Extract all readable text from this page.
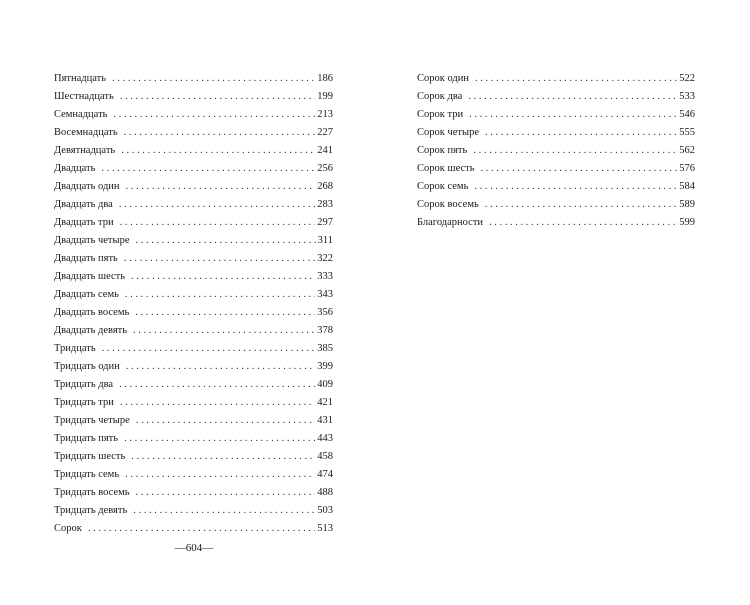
Пятнадцать . . .	186
Шестнадцать . . .	199
Семнадцать . . .	213
Восемнадцать . . .	227
Девятнадцать . . .	241
Двадцать . . .	256
Двадцать один . . .	268
Двадцать два . . .	283
Двадцать три . . .	297
Двадцать четыре . . .	311
Двадцать пять . . .	322
Двадцать шесть . . .	333
Двадцать семь . . .	343
Двадцать восемь . . .	356
Двадцать девять . . .	378
Тридцать . . .	385
Тридцать один . . .	399
Тридцать два . . .	409
Тридцать три . . .	421
Тридцать четыре . . .	431
Тридцать пять . . .	443
Тридцать шесть . . .	458
Тридцать семь . . .	474
Тридцать восемь . . .	488
Тридцать девять . . .	503
Сорок . . .	513
Сорок один . . .	522
Сорок два . . .	533
Сорок три . . .	546
Сорок четыре . . .	555
Сорок пять . . .	562
Сорок шесть . . .	576
Сорок семь . . .	584
Сорок восемь . . .	589
Благодарности . . .	599
—604—
